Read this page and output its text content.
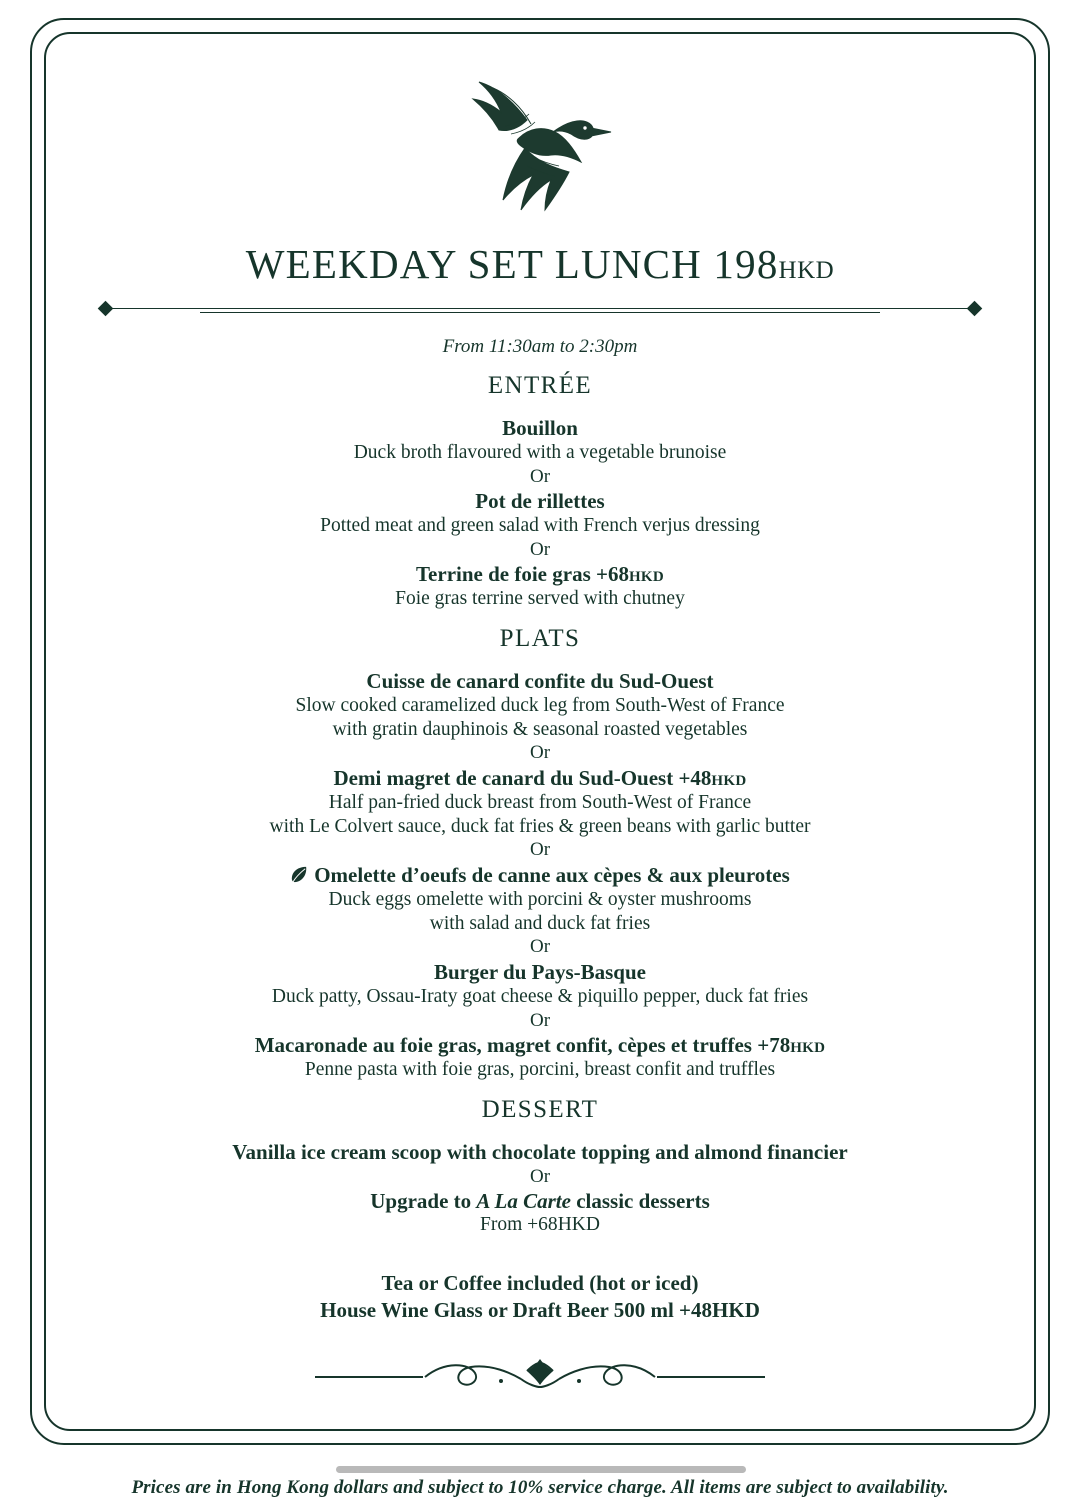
WEEKDAY SET LUNCH 198HKD
From 11:30am to 2:30pm
ENTRÉE
Bouillon
Duck broth flavoured with a vegetable brunoise
Or
Pot de rillettes
Potted meat and green salad with French verjus dressing
Or
Terrine de foie gras +68HKD
Foie gras terrine served with chutney
PLATS
Cuisse de canard confite du Sud-Ouest
Slow cooked caramelized duck leg from South-West of France
with gratin dauphinois & seasonal roasted vegetables
Or
Demi magret de canard du Sud-Ouest +48HKD
Half pan-fried duck breast from South-West of France
with Le Colvert sauce, duck fat fries & green beans with garlic butter
Or
Omelette d’oeufs de canne aux cèpes & aux pleurotes
Duck eggs omelette with porcini & oyster mushrooms
with salad and duck fat fries
Or
Burger du Pays-Basque
Duck patty, Ossau-Iraty goat cheese & piquillo pepper, duck fat fries
Or
Macaronade au foie gras, magret confit, cèpes et truffes +78HKD
Penne pasta with foie gras, porcini, breast confit and truffles
DESSERT
Vanilla ice cream scoop with chocolate topping and almond financier
Or
Upgrade to A La Carte classic desserts
From +68HKD
Tea or Coffee included (hot or iced)
House Wine Glass or Draft Beer 500 ml +48HKD
Prices are in Hong Kong dollars and subject to 10% service charge. All items are subject to availability.
